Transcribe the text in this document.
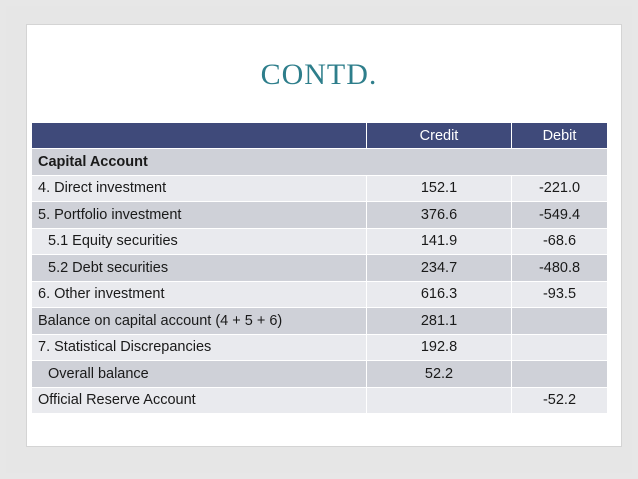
CONTD.
	Credit	Debit
Capital Account		
4. Direct investment	152.1	-221.0
5. Portfolio investment	376.6	-549.4
5.1 Equity securities	141.9	-68.6
5.2 Debt securities	234.7	-480.8
6. Other investment	616.3	-93.5
Balance on capital account (4 + 5 + 6)	281.1	
7. Statistical Discrepancies	192.8	
Overall balance	52.2	
Official Reserve Account		-52.2
